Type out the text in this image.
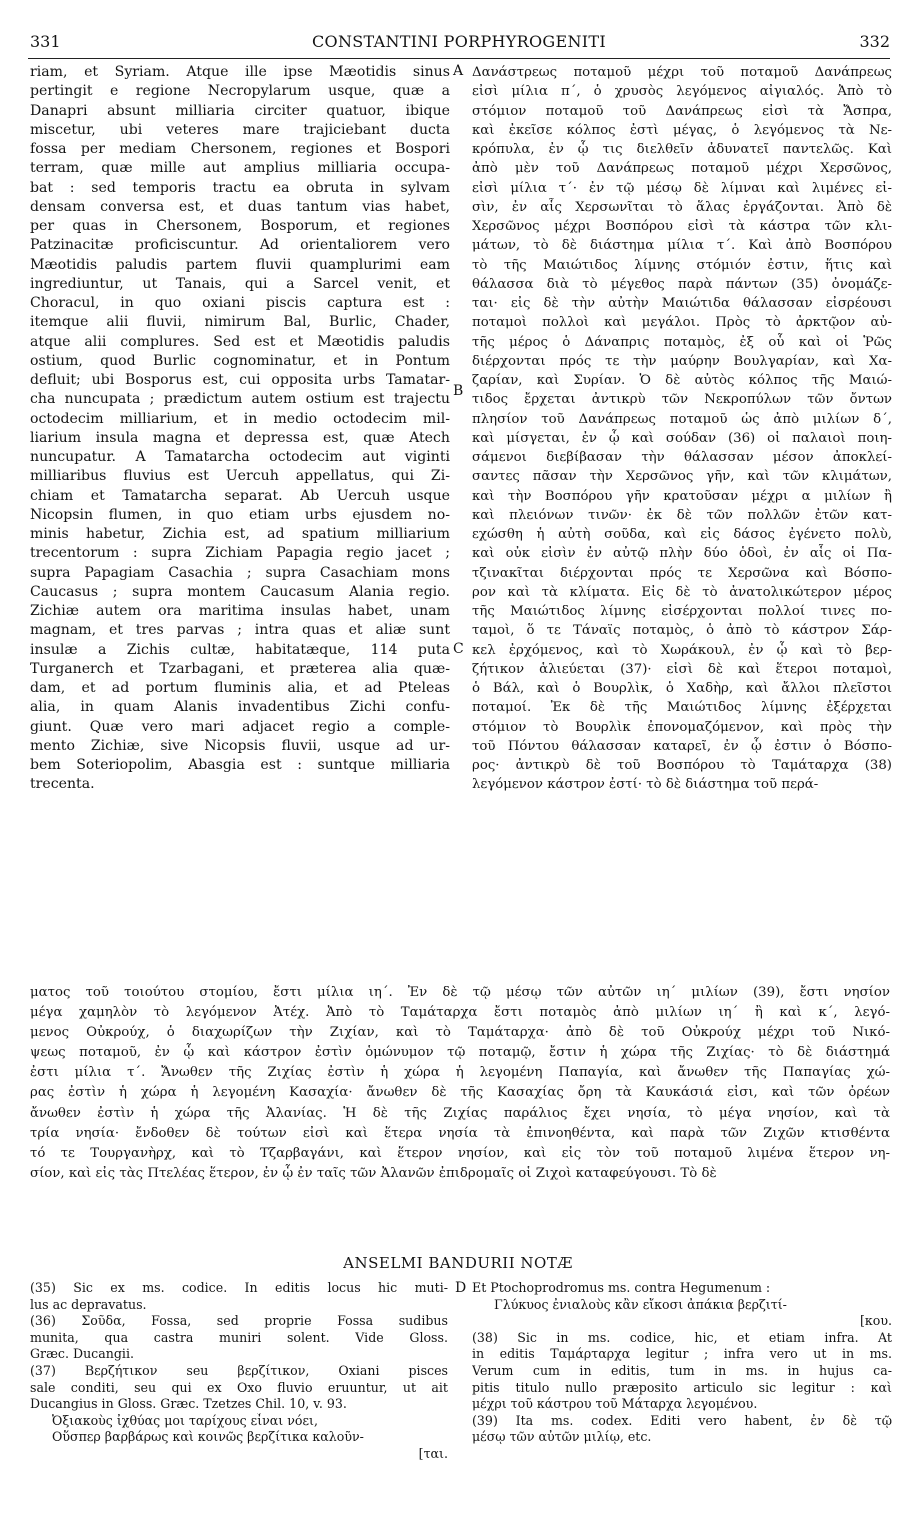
331	CONSTANTINI PORPHYROGENITI	332
riam, et Syriam. Atque ille ipse Mæotidis sinus
pertingit e regione Necropylarum usque, quæ a
Danapri absunt milliaria circiter quatuor, ibique
miscetur, ubi veteres mare trajiciebant ducta
fossa per mediam Chersonem, regiones et Bospori
terram, quæ mille aut amplius milliaria occupa-
bat : sed temporis tractu ea obruta in sylvam
densam conversa est, et duas tantum vias habet,
per quas in Chersonem, Bosporum, et regiones
Patzinacitæ proficiscuntur. Ad orientaliorem vero
Mæotidis paludis partem fluvii quamplurimi eam
ingrediuntur, ut Tanais, qui a Sarcel venit, et
Choracul, in quo oxiani piscis captura est :
itemque alii fluvii, nimirum Bal, Burlic, Chader,
atque alii complures. Sed est et Mæotidis paludis
ostium, quod Burlic cognominatur, et in Pontum
defluit; ubi Bosporus est, cui opposita urbs Tamatar-
cha nuncupata ; prædictum autem ostium est trajectu
octodecim milliarium, et in medio octodecim mil-
liarium insula magna et depressa est, quæ Atech
nuncupatur. A Tamatarcha octodecim aut viginti
milliaribus fluvius est Uercuh appellatus, qui Zi-
chiam et Tamatarcha separat. Ab Uercuh usque
Nicopsin flumen, in quo etiam urbs ejusdem no-
minis habetur, Zichia est, ad spatium milliarium
trecentorum : supra Zichiam Papagia regio jacet ;
supra Papagiam Casachia ; supra Casachiam mons
Caucasus ; supra montem Caucasum Alania regio.
Zichiæ autem ora maritima insulas habet, unam
magnam, et tres parvas ; intra quas et aliæ sunt
insulæ a Zichis cultæ, habitatæque, 114 puta
Turganerch et Tzarbagani, et præterea alia quæ-
dam, et ad portum fluminis alia, et ad Pteleas
alia, in quam Alanis invadentibus Zichi confu-
giunt. Quæ vero mari adjacet regio a comple-
mento Zichiæ, sive Nicopsis fluvii, usque ad ur-
bem Soteriopolim, Abasgia est : suntque milliaria
trecenta.
A
B
C
Δανάστρεως ποταμοῦ μέχρι τοῦ ποταμοῦ Δανάπρεως
εἰσὶ μίλια π΄, ὁ χρυσὸς λεγόμενος αἰγιαλός. Ἀπὸ τὸ
στόμιον ποταμοῦ τοῦ Δανάπρεως εἰσὶ τὰ Ἄσπρα,
καὶ ἐκεῖσε κόλπος ἐστὶ μέγας, ὁ λεγόμενος τὰ Νε-
κρόπυλα, ἐν ᾧ τις διελθεῖν ἀδυνατεῖ παντελῶς. Καὶ
ἀπὸ μὲν τοῦ Δανάπρεως ποταμοῦ μέχρι Χερσῶνος,
εἰσὶ μίλια τ΄· ἐν τῷ μέσῳ δὲ λίμναι καὶ λιμένες εἰ-
σὶν, ἐν αἷς Χερσωνῖται τὸ ἅλας ἐργάζονται. Ἀπὸ δὲ
Χερσῶνος μέχρι Βοσπόρου εἰσὶ τὰ κάστρα τῶν κλι-
μάτων, τὸ δὲ διάστημα μίλια τ΄. Καὶ ἀπὸ Βοσπόρου
τὸ τῆς Μαιώτιδος λίμνης στόμιόν ἐστιν, ἥτις καὶ
θάλασσα διὰ τὸ μέγεθος παρὰ πάντων (35) ὀνομάζε-
ται· εἰς δὲ τὴν αὐτὴν Μαιώτιδα θάλασσαν εἰσρέουσι
ποταμοὶ πολλοὶ καὶ μεγάλοι. Πρὸς τὸ ἀρκτῷον αὐ-
τῆς μέρος ὁ Δάναπρις ποταμὸς, ἐξ οὗ καὶ οἱ Ῥῶς
διέρχονται πρός τε τὴν μαύρην Βουλγαρίαν, καὶ Χα-
ζαρίαν, καὶ Συρίαν. Ὁ δὲ αὐτὸς κόλπος τῆς Μαιώ-
τιδος ἔρχεται ἀντικρὺ τῶν Νεκροπύλων τῶν ὄντων
πλησίον τοῦ Δανάπρεως ποταμοῦ ὡς ἀπὸ μιλίων δ΄,
καὶ μίσγεται, ἐν ᾧ καὶ σούδαν (36) οἱ παλαιοὶ ποιη-
σάμενοι διεβίβασαν τὴν θάλασσαν μέσον ἀποκλεί-
σαντες πᾶσαν τὴν Χερσῶνος γῆν, καὶ τῶν κλιμάτων,
καὶ τὴν Βοσπόρου γῆν κρατοῦσαν μέχρι α μιλίων ἢ
καὶ πλειόνων τινῶν· ἐκ δὲ τῶν πολλῶν ἐτῶν κατ-
εχώσθη ἡ αὐτὴ σοῦδα, καὶ εἰς δάσος ἐγένετο πολὺ,
καὶ οὐκ εἰσὶν ἐν αὐτῷ πλὴν δύο ὁδοὶ, ἐν αἷς οἱ Πα-
τζινακῖται διέρχονται πρός τε Χερσῶνα καὶ Βόσπο-
ρον καὶ τὰ κλίματα. Εἰς δὲ τὸ ἀνατολικώτερον μέρος
τῆς Μαιώτιδος λίμνης εἰσέρχονται πολλοί τινες πο-
ταμοὶ, ὅ τε Τάναϊς ποταμὸς, ὁ ἀπὸ τὸ κάστρον Σάρ-
κελ ἐρχόμενος, καὶ τὸ Χωράκουλ, ἐν ᾧ καὶ τὸ βερ-
ζήτικον ἁλιεύεται (37)· εἰσὶ δὲ καὶ ἕτεροι ποταμοὶ,
ὁ Βάλ, καὶ ὁ Βουρλὶκ, ὁ Χαδὴρ, καὶ ἄλλοι πλεῖστοι
ποταμοί. Ἐκ δὲ τῆς Μαιώτιδος λίμνης ἐξέρχεται
στόμιον τὸ Βουρλὶκ ἐπονομαζόμενον, καὶ πρὸς τὴν
τοῦ Πόντου θάλασσαν καταρεῖ, ἐν ᾧ ἐστιν ὁ Βόσπο-
ρος· ἀντικρὺ δὲ τοῦ Βοσπόρου τὸ Ταμάταρχα (38)
λεγόμενον κάστρον ἐστί· τὸ δὲ διάστημα τοῦ περά-
ματος τοῦ τοιούτου στομίου, ἔστι μίλια ιη΄. Ἐν δὲ τῷ μέσῳ τῶν αὐτῶν ιη΄ μιλίων (39), ἔστι νησίον
μέγα χαμηλὸν τὸ λεγόμενον Ἀτέχ. Ἀπὸ τὸ Ταμάταρχα ἔστι ποταμὸς ἀπὸ μιλίων ιη΄ ἢ καὶ κ΄, λεγό-
μενος Οὐκρούχ, ὁ διαχωρίζων τὴν Ζιχίαν, καὶ τὸ Ταμάταρχα· ἀπὸ δὲ τοῦ Οὐκρούχ μέχρι τοῦ Νικό-
ψεως ποταμοῦ, ἐν ᾧ καὶ κάστρον ἐστὶν ὁμώνυμον τῷ ποταμῷ, ἔστιν ἡ χώρα τῆς Ζιχίας· τὸ δὲ διάστημά
ἐστι μίλια τ΄. Ἄνωθεν τῆς Ζιχίας ἐστὶν ἡ χώρα ἡ λεγομένη Παπαγία, καὶ ἄνωθεν τῆς Παπαγίας χώ-
ρας ἐστὶν ἡ χώρα ἡ λεγομένη Κασαχία· ἄνωθεν δὲ τῆς Κασαχίας ὄρη τὰ Καυκάσιά εἰσι, καὶ τῶν ὀρέων
ἄνωθεν ἐστὶν ἡ χώρα τῆς Ἀλανίας. Ἡ δὲ τῆς Ζιχίας παράλιος ἔχει νησία, τὸ μέγα νησίον, καὶ τὰ
τρία νησία· ἔνδοθεν δὲ τούτων εἰσὶ καὶ ἕτερα νησία τὰ ἐπινοηθέντα, καὶ παρὰ τῶν Ζιχῶν κτισθέντα
τό τε Τουργανὴρχ, καὶ τὸ Τζαρβαγάνι, καὶ ἕτερον νησίον, καὶ εἰς τὸν τοῦ ποταμοῦ λιμένα ἕτερον νη-
σίον, καὶ εἰς τὰς Πτελέας ἕτερον, ἐν ᾧ ἐν ταῖς τῶν Ἀλανῶν ἐπιδρομαῖς οἱ Ζιχοὶ καταφεύγουσι. Τὸ δὲ
ANSELMI BANDURII NOTÆ
(35) Sic ex ms. codice. In editis locus hic muti-
lus ac depravatus.
(36) Σοῦδα, Fossa, sed proprie Fossa sudibus
munita, qua castra muniri solent. Vide Gloss.
Græc. Ducangii.
(37) Βερζήτικον seu βερζίτικον, Oxiani pisces
sale conditi, seu qui ex Oxo fluvio eruuntur, ut ait
Ducangius in Gloss. Græc. Tzetzes Chil. 10, v. 93.
Ὀξιακοὺς ἰχθύας μοι ταρίχους εἶναι νόει,
Οὕσπερ βαρβάρως καὶ κοινῶς βερζίτικα καλοῦν-
[ται.
D Et Ptochoprodromus ms. contra Hegumenum :
Γλύκυος ἐνιαλοὺς κἂν εἴκοσι ἀπάκια βερζιτί-
[κου.
(38) Sic in ms. codice, hic, et etiam infra. At
in editis Ταμάρταρχα legitur ; infra vero ut in ms.
Verum cum in editis, tum in ms. in hujus ca-
pitis titulo nullo præposito articulo sic legitur : καὶ
μέχρι τοῦ κάστρου τοῦ Μάταρχα λεγομένου.
(39) Ita ms. codex. Editi vero habent, ἐν δὲ τῷ
μέσῳ τῶν αὐτῶν μιλίῳ, etc.
